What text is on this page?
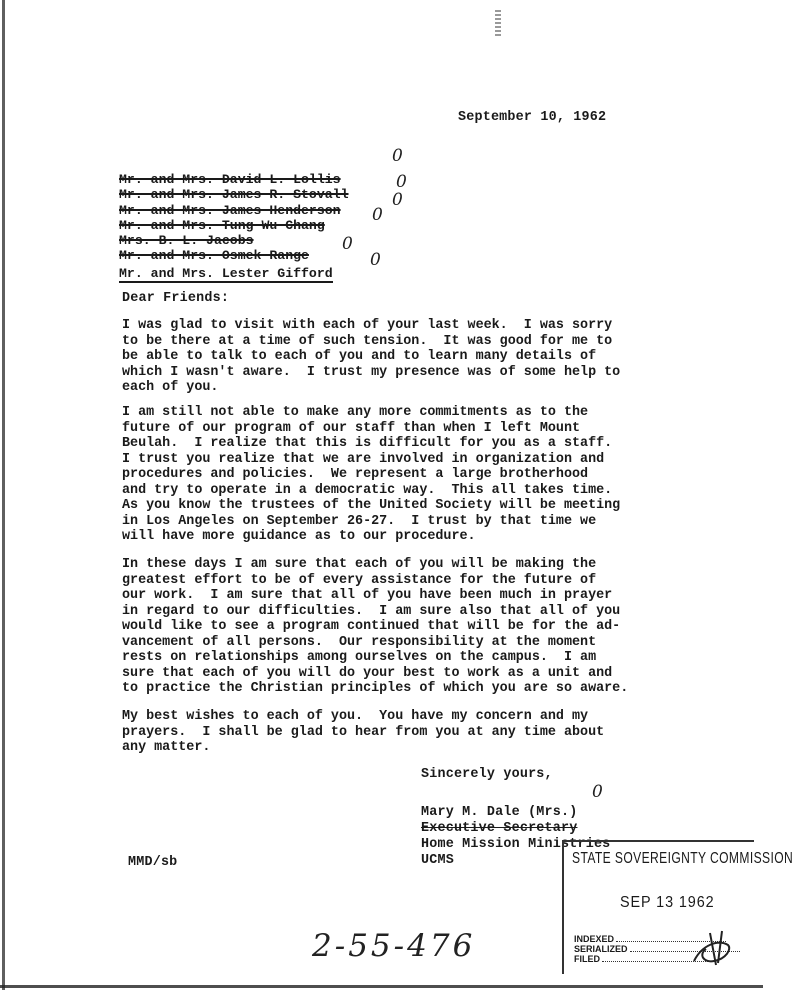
September 10, 1962
Mr. and Mrs. David L. Lollis
Mr. and Mrs. James R. Stovall
Mr. and Mrs. James Henderson
Mr. and Mrs. Tung Wu Chang
Mrs. B. L. Jacobs
Mr. and Mrs. Osmek Range
Mr. and Mrs. Lester Gifford
0
0
0
0
0
0
Dear Friends:
I was glad to visit with each of your last week.  I was sorry
to be there at a time of such tension.  It was good for me to
be able to talk to each of you and to learn many details of
which I wasn't aware.  I trust my presence was of some help to
each of you.
I am still not able to make any more commitments as to the
future of our program of our staff than when I left Mount
Beulah.  I realize that this is difficult for you as a staff.
I trust you realize that we are involved in organization and
procedures and policies.  We represent a large brotherhood
and try to operate in a democratic way.  This all takes time.
As you know the trustees of the United Society will be meeting
in Los Angeles on September 26-27.  I trust by that time we
will have more guidance as to our procedure.
In these days I am sure that each of you will be making the
greatest effort to be of every assistance for the future of
our work.  I am sure that all of you have been much in prayer
in regard to our difficulties.  I am sure also that all of you
would like to see a program continued that will be for the ad-
vancement of all persons.  Our responsibility at the moment
rests on relationships among ourselves on the campus.  I am
sure that each of you will do your best to work as a unit and
to practice the Christian principles of which you are so aware.
My best wishes to each of you.  You have my concern and my
prayers.  I shall be glad to hear from you at any time about
any matter.
Sincerely yours,
0
Mary M. Dale (Mrs.)
Executive Secretary
Home Mission Ministries
UCMS
MMD/sb	STATE SOVEREIGNTY COMMISSION
SEP 13 1962
INDEXED
SERIALIZED
FILED
2-55-476
